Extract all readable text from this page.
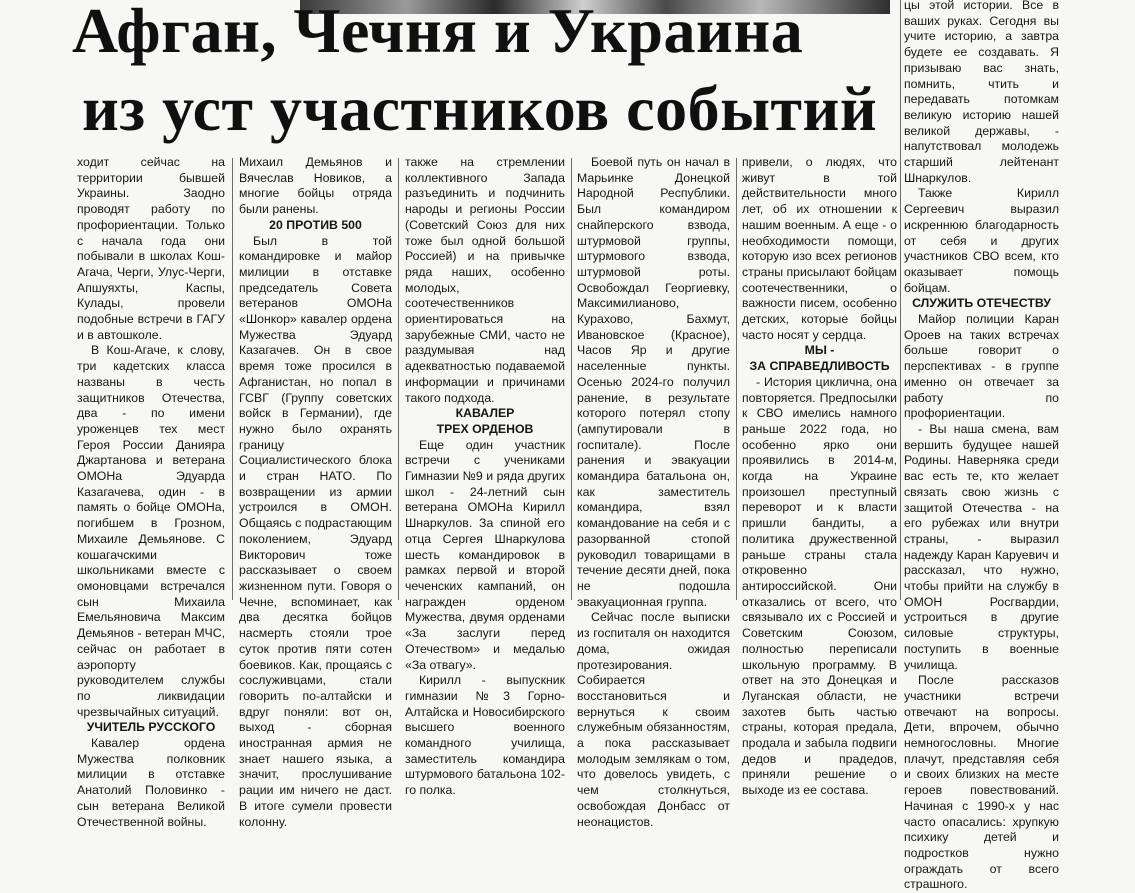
Афган, Чечня и Украина
из уст участников событий

ходит сейчас на территории бывшей Украины. Заодно проводят работу по профориентации. Только с начала года они побывали в школах Кош-Агача, Черги, Улус-Черги, Апшуяхты, Каспы, Кулады, провели подобные встречи в ГАГУ и в автошколе.

В Кош-Агаче, к слову, три кадетских класса названы в честь защитников Отечества, два - по имени уроженцев тех мест Героя России Данияра Джартанова и ветерана ОМОНа Эдуарда Казагачева, один - в память о бойце ОМОНа, погибшем в Грозном, Михаиле Демьянове. С кошагачскими школьниками вместе с омоновцами встречался сын Михаила Емельяновича Максим Демьянов - ветеран МЧС, сейчас он работает в аэропорту руководителем службы по ликвидации чрезвычайных ситуаций.

УЧИТЕЛЬ РУССКОГО

Кавалер ордена Мужества полковник милиции в отставке Анатолий Половинко - сын ветерана Великой Отечественной войны.

Михаил Демьянов и Вячеслав Новиков, а многие бойцы отряда были ранены.

20 ПРОТИВ 500

Был в той командировке и майор милиции в отставке председатель Совета ветеранов ОМОНа «Шонкор» кавалер ордена Мужества Эдуард Казагачев. Он в свое время тоже просился в Афганистан, но попал в ГСВГ (Группу советских войск в Германии), где нужно было охранять границу Социалистического блока и стран НАТО. По возвращении из армии устроился в ОМОН. Общаясь с подрастающим поколением, Эдуард Викторович тоже рассказывает о своем жизненном пути. Говоря о Чечне, вспоминает, как два десятка бойцов насмерть стояли трое суток против пяти сотен боевиков. Как, прощаясь с сослуживцами, стали говорить по-алтайски и вдруг поняли: вот он, выход - сборная иностранная армия не знает нашего языка, а значит, прослушивание рации им ничего не даст. В итоге сумели провести колонну.

также на стремлении коллективного Запада разъединить и подчинить народы и регионы России (Советский Союз для них тоже был одной большой Россией) и на привычке ряда наших, особенно молодых, соотечественников ориентироваться на зарубежные СМИ, часто не раздумывая над адекватностью подаваемой информации и причинами такого подхода.

КАВАЛЕР
ТРЕХ ОРДЕНОВ

Еще один участник встречи с учениками Гимназии №9 и ряда других школ - 24-летний сын ветерана ОМОНа Кирилл Шнаркулов. За спиной его отца Сергея Шнаркулова шесть командировок в рамках первой и второй чеченских кампаний, он награжден орденом Мужества, двумя орденами «За заслуги перед Отечеством» и медалью «За отвагу».

Кирилл - выпускник гимназии №3 Горно-Алтайска и Новосибирского высшего военного командного училища, заместитель командира штурмового батальона 102-го полка.

Боевой путь он начал в Марьинке Донецкой Народной Республики. Был командиром снайперского взвода, штурмовой группы, штурмового взвода, штурмовой роты. Освобождал Георгиевку, Максимилианово, Курахово, Бахмут, Ивановское (Красное), Часов Яр и другие населенные пункты. Осенью 2024-го получил ранение, в результате которого потерял стопу (ампутировали в госпитале). После ранения и эвакуации командира батальона он, как заместитель командира, взял командование на себя и с разорванной стопой руководил товарищами в течение десяти дней, пока не подошла эвакуационная группа.

Сейчас после выписки из госпиталя он находится дома, ожидая протезирования. Собирается восстановиться и вернуться к своим служебным обязанностям, а пока рассказывает молодым землякам о том, что довелось увидеть, с чем столкнуться, освобождая Донбасс от неонацистов.

привели, о людях, что живут в той действительности много лет, об их отношении к нашим военным. А еще - о необходимости помощи, которую изо всех регионов страны присылают бойцам соотечественники, о важности писем, особенно детских, которые бойцы часто носят у сердца.

МЫ -
ЗА СПРАВЕДЛИВОСТЬ

- История циклична, она повторяется. Предпосылки к СВО имелись намного раньше 2022 года, но особенно ярко они проявились в 2014-м, когда на Украине произошел преступный переворот и к власти пришли бандиты, а политика дружественной раньше страны стала откровенно антироссийской. Они отказались от всего, что связывало их с Россией и Советским Союзом, полностью переписали школьную программу. В ответ на это Донецкая и Луганская области, не захотев быть частью страны, которая предала, продала и забыла подвиги дедов и прадедов, приняли решение о выходе из ее состава.

цы этой истории. Все в ваших руках. Сегодня вы учите историю, а завтра будете ее создавать. Я призываю вас знать, помнить, чтить и передавать потомкам великую историю нашей великой державы, - напутствовал молодежь старший лейтенант Шнаркулов.

Также Кирилл Сергеевич выразил искреннюю благодарность от себя и других участников СВО всем, кто оказывает помощь бойцам.

СЛУЖИТЬ ОТЕЧЕСТВУ

Майор полиции Каран Ороев на таких встречах больше говорит о перспективах - в группе именно он отвечает за работу по профориентации.

- Вы наша смена, вам вершить будущее нашей Родины. Наверняка среди вас есть те, кто желает связать свою жизнь с защитой Отечества - на его рубежах или внутри страны, - выразил надежду Каран Каруевич и рассказал, что нужно, чтобы прийти на службу в ОМОН Росгвардии, устроиться в другие силовые структуры, поступить в военные училища.

После рассказов участники встречи отвечают на вопросы. Дети, впрочем, обычно немногословны. Многие плачут, представляя себя и своих близких на месте героев повествований. Начиная с 1990-х у нас часто опасались: хрупкую психику детей и подростков нужно ограждать от всего страшного.
